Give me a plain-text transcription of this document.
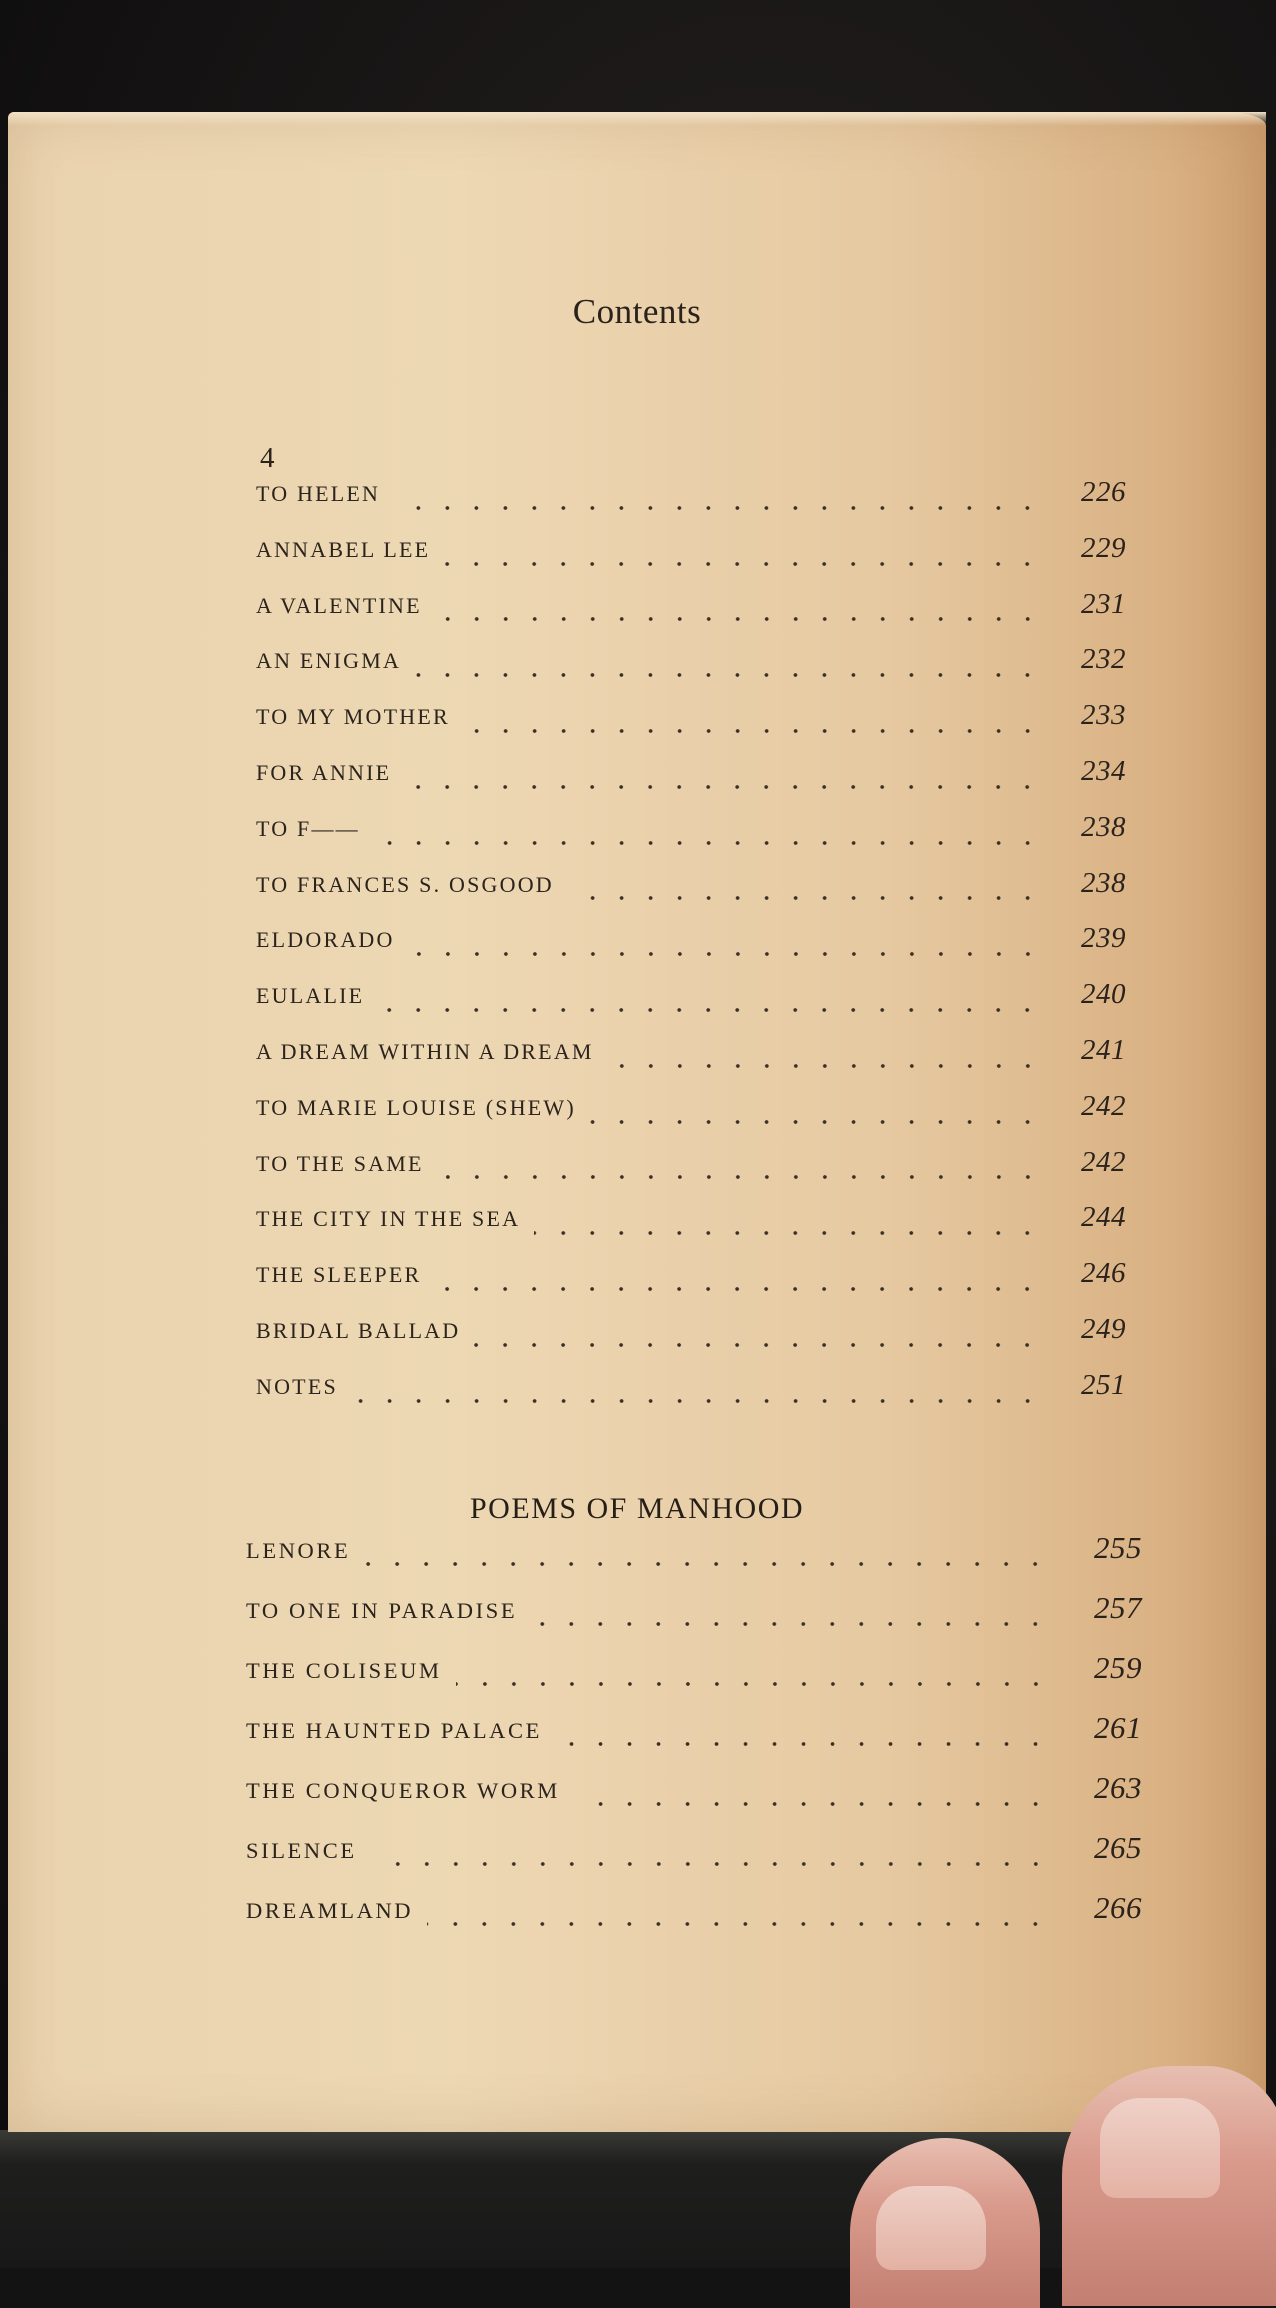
Contents
4
TO HELEN	226
ANNABEL LEE	229
A VALENTINE	231
AN ENIGMA	232
TO MY MOTHER	233
FOR ANNIE	234
TO F——	238
TO FRANCES S. OSGOOD	238
ELDORADO	239
EULALIE	240
A DREAM WITHIN A DREAM	241
TO MARIE LOUISE (SHEW)	242
TO THE SAME	242
THE CITY IN THE SEA	244
THE SLEEPER	246
BRIDAL BALLAD	249
NOTES	251
POEMS OF MANHOOD
LENORE	255
TO ONE IN PARADISE	257
THE COLISEUM	259
THE HAUNTED PALACE	261
THE CONQUEROR WORM	263
SILENCE	265
DREAMLAND	266
